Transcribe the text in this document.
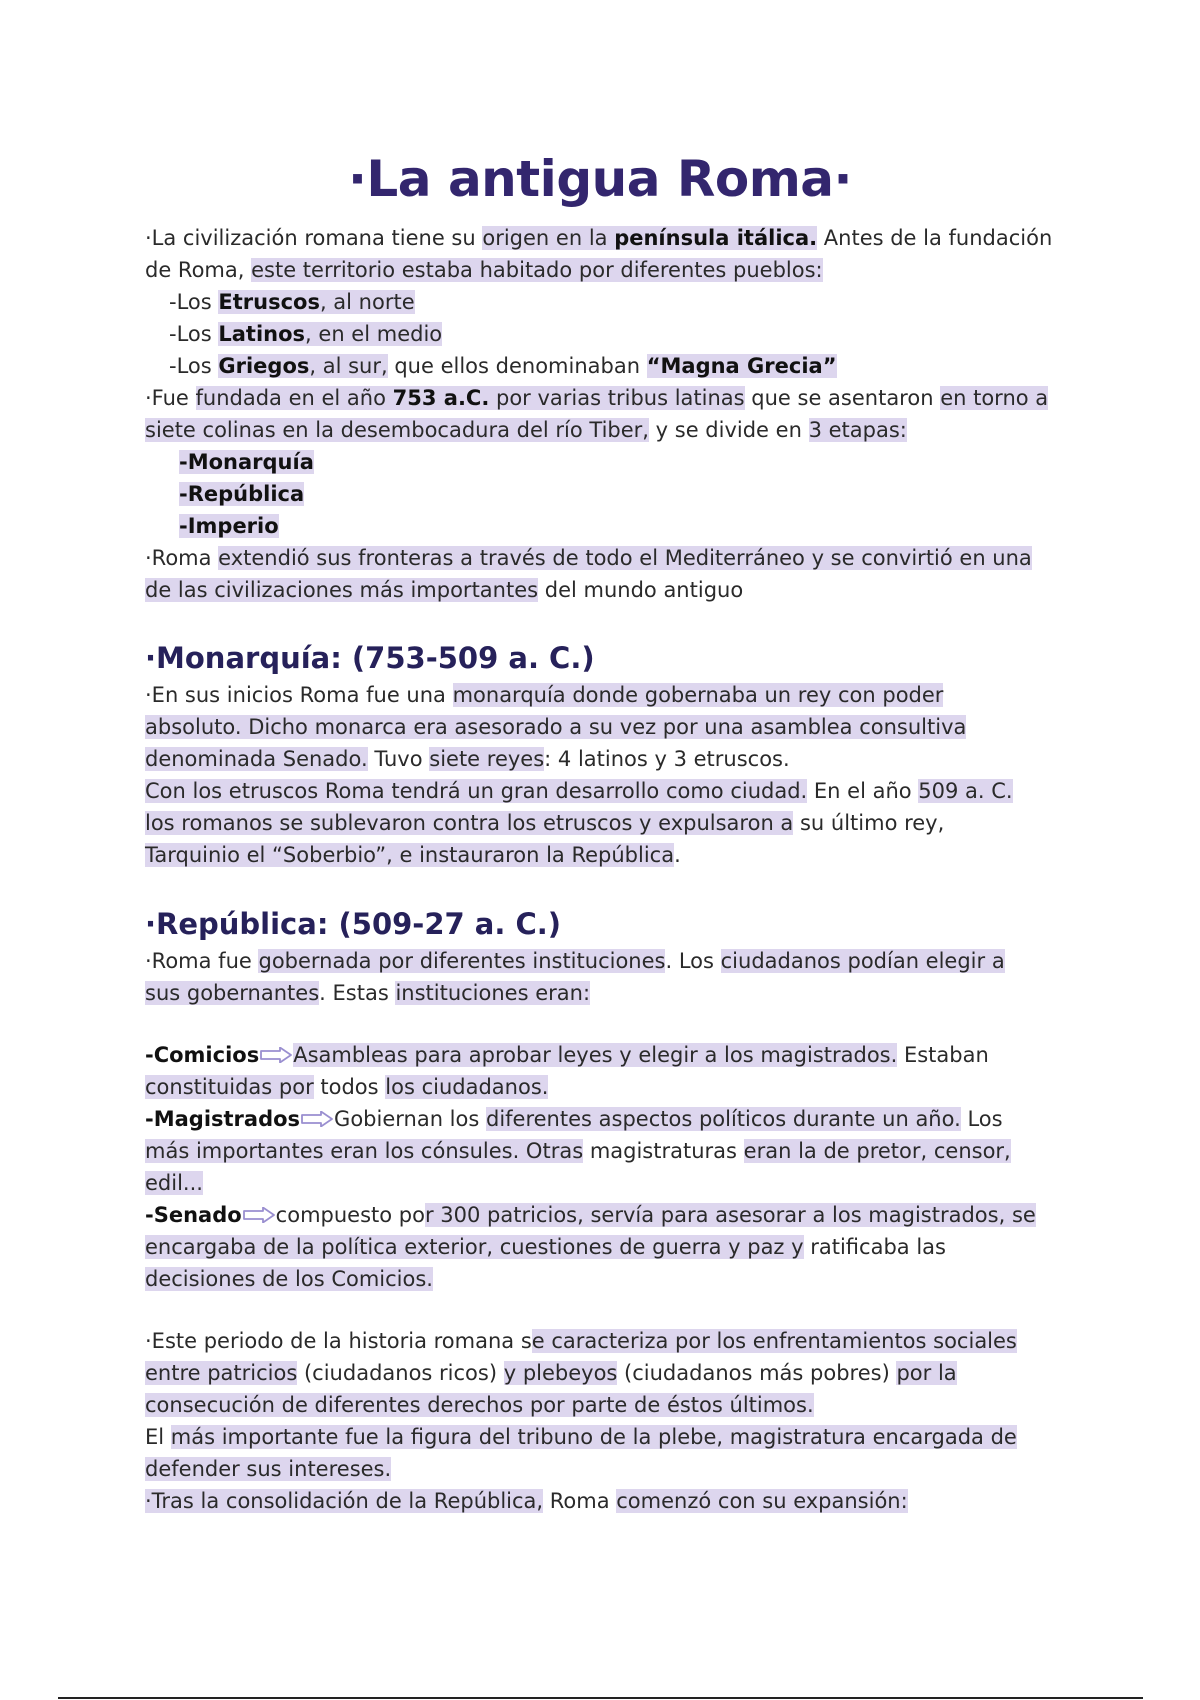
·La antigua Roma·
·La civilización romana tiene su origen en la península itálica. Antes de la fundación
de Roma, este territorio estaba habitado por diferentes pueblos:
-Los Etruscos, al norte
-Los Latinos, en el medio
-Los Griegos, al sur, que ellos denominaban “Magna Grecia”
·Fue fundada en el año 753 a.C. por varias tribus latinas que se asentaron en torno a
siete colinas en la desembocadura del río Tiber, y se divide en 3 etapas:
-Monarquía
-República
-Imperio
·Roma extendió sus fronteras a través de todo el Mediterráneo y se convirtió en una
de las civilizaciones más importantes del mundo antiguo
·Monarquía: (753-509 a. C.)
·En sus inicios Roma fue una monarquía donde gobernaba un rey con poder
absoluto. Dicho monarca era asesorado a su vez por una asamblea consultiva
denominada Senado. Tuvo siete reyes: 4 latinos y 3 etruscos.
Con los etruscos Roma tendrá un gran desarrollo como ciudad. En el año 509 a. C.
los romanos se sublevaron contra los etruscos y expulsaron a su último rey,
Tarquinio el “Soberbio”, e instauraron la República.
·República: (509-27 a. C.)
·Roma fue gobernada por diferentes instituciones. Los ciudadanos podían elegir a
sus gobernantes. Estas instituciones eran:
-Comicios Asambleas para aprobar leyes y elegir a los magistrados. Estaban
constituidas por todos los ciudadanos.
-Magistrados Gobiernan los diferentes aspectos políticos durante un año. Los
más importantes eran los cónsules. Otras magistraturas eran la de pretor, censor,
edil...
-Senado compuesto por 300 patricios, servía para asesorar a los magistrados, se
encargaba de la política exterior, cuestiones de guerra y paz y ratificaba las
decisiones de los Comicios.
·Este periodo de la historia romana se caracteriza por los enfrentamientos sociales
entre patricios (ciudadanos ricos) y plebeyos (ciudadanos más pobres) por la
consecución de diferentes derechos por parte de éstos últimos.
El más importante fue la figura del tribuno de la plebe, magistratura encargada de
defender sus intereses.
·Tras la consolidación de la República, Roma comenzó con su expansión:
